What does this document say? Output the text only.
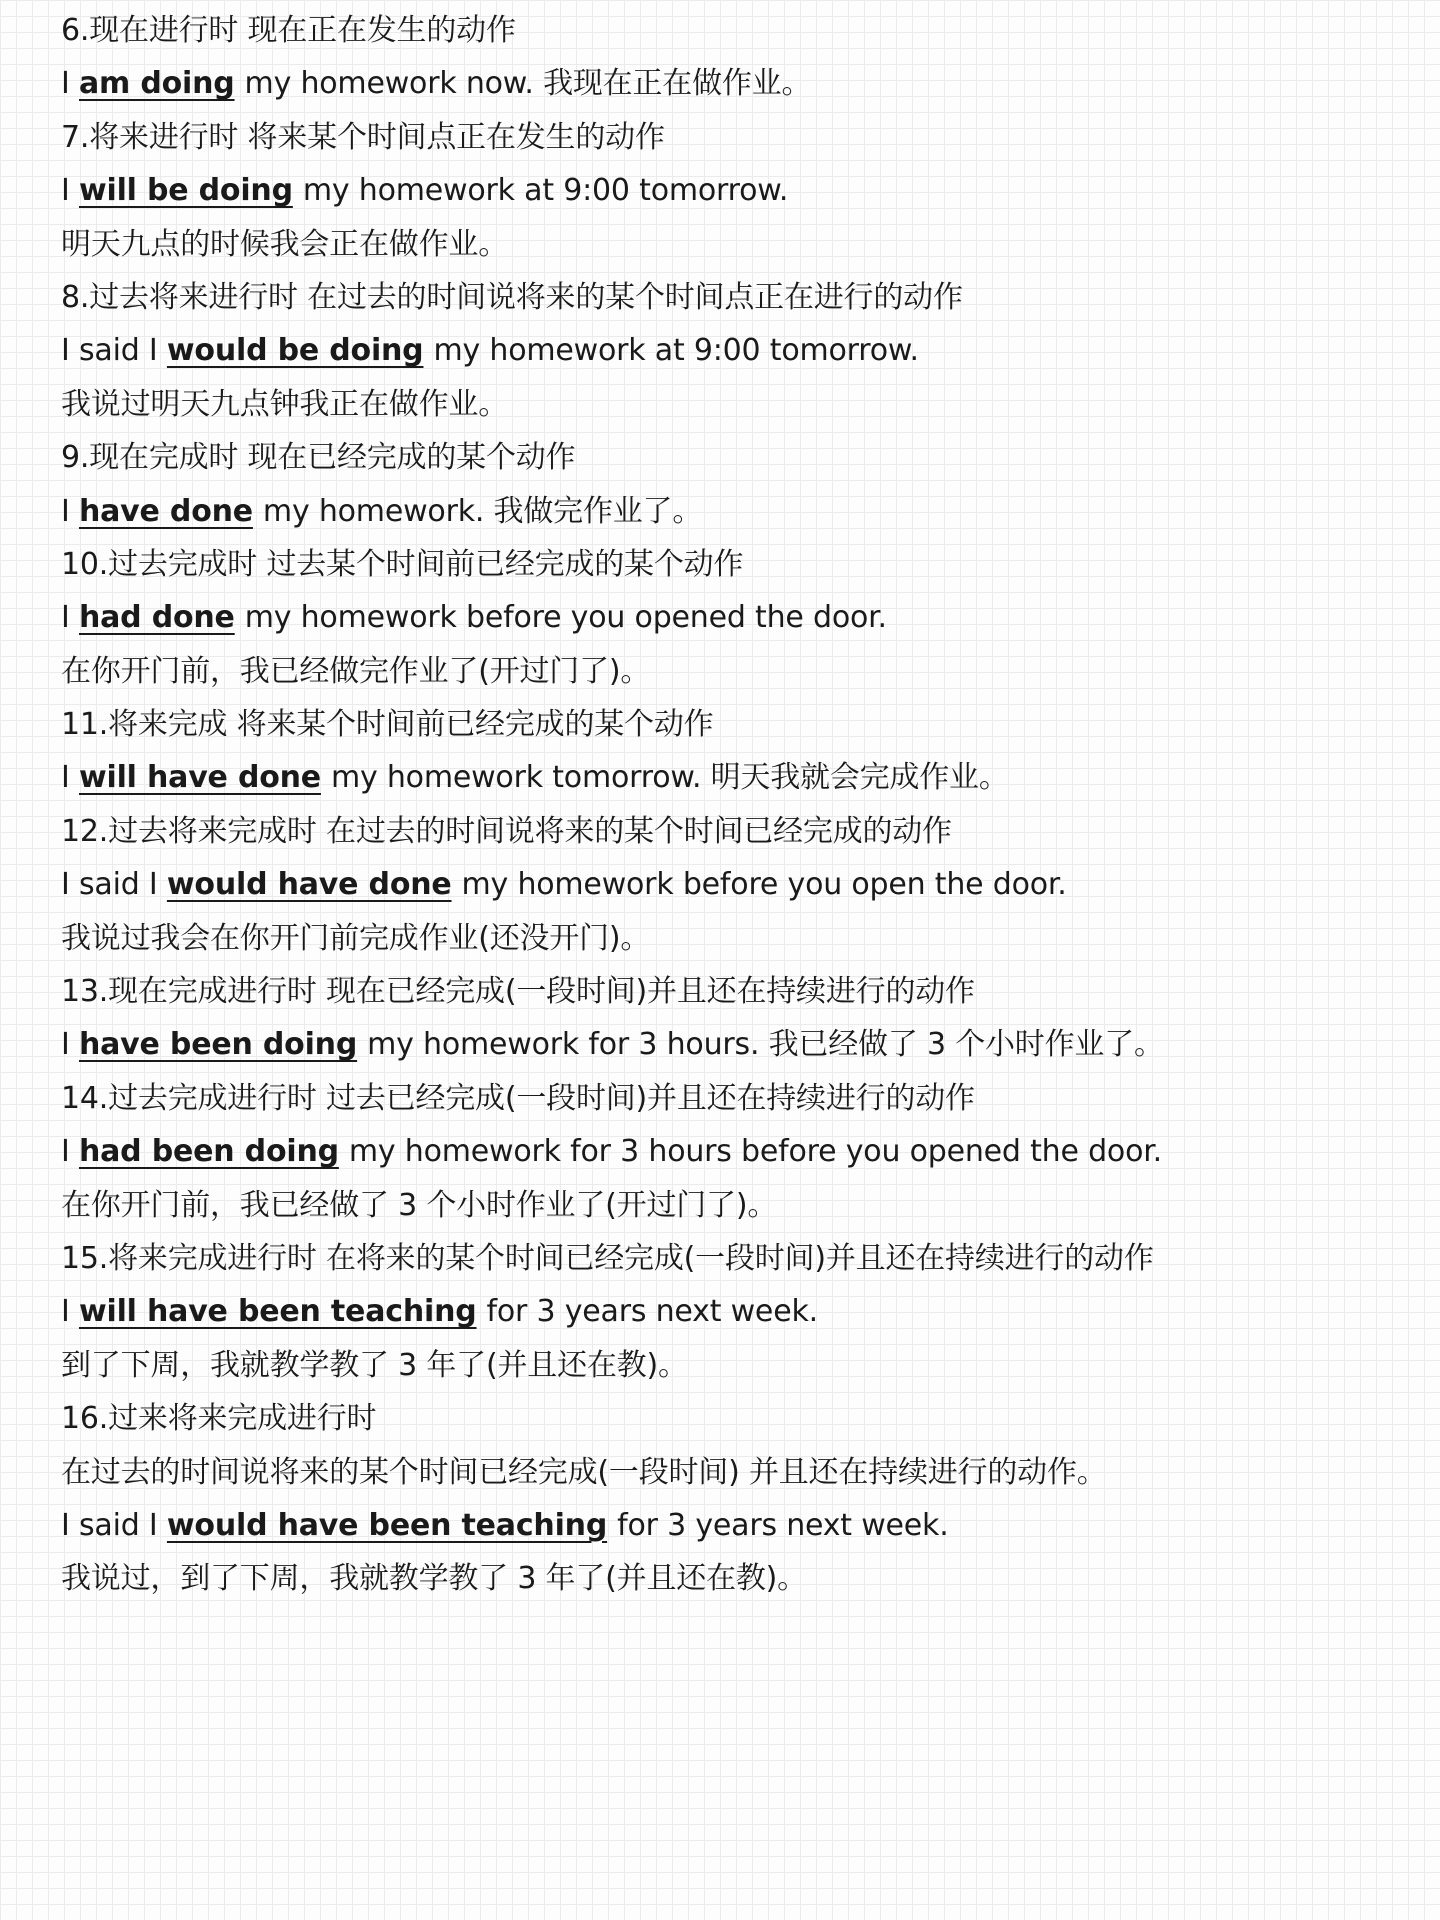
6.现在进行时 现在正在发生的动作
I am doing my homework now. 我现在正在做作业。
7.将来进行时 将来某个时间点正在发生的动作
I will be doing my homework at 9:00 tomorrow.
明天九点的时候我会正在做作业。
8.过去将来进行时 在过去的时间说将来的某个时间点正在进行的动作
I said I would be doing my homework at 9:00 tomorrow.
我说过明天九点钟我正在做作业。
9.现在完成时 现在已经完成的某个动作
I have done my homework. 我做完作业了。
10.过去完成时 过去某个时间前已经完成的某个动作
I had done my homework before you opened the door.
在你开门前，我已经做完作业了(开过门了)。
11.将来完成 将来某个时间前已经完成的某个动作
I will have done my homework tomorrow. 明天我就会完成作业。
12.过去将来完成时 在过去的时间说将来的某个时间已经完成的动作
I said I would have done my homework before you open the door.
我说过我会在你开门前完成作业(还没开门)。
13.现在完成进行时 现在已经完成(一段时间)并且还在持续进行的动作
I have been doing my homework for 3 hours. 我已经做了 3 个小时作业了。
14.过去完成进行时 过去已经完成(一段时间)并且还在持续进行的动作
I had been doing my homework for 3 hours before you opened the door.
在你开门前，我已经做了 3 个小时作业了(开过门了)。
15.将来完成进行时 在将来的某个时间已经完成(一段时间)并且还在持续进行的动作
I will have been teaching for 3 years next week.
到了下周，我就教学教了 3 年了(并且还在教)。
16.过来将来完成进行时
在过去的时间说将来的某个时间已经完成(一段时间) 并且还在持续进行的动作。
I said I would have been teaching for 3 years next week.
我说过，到了下周，我就教学教了 3 年了(并且还在教)。
